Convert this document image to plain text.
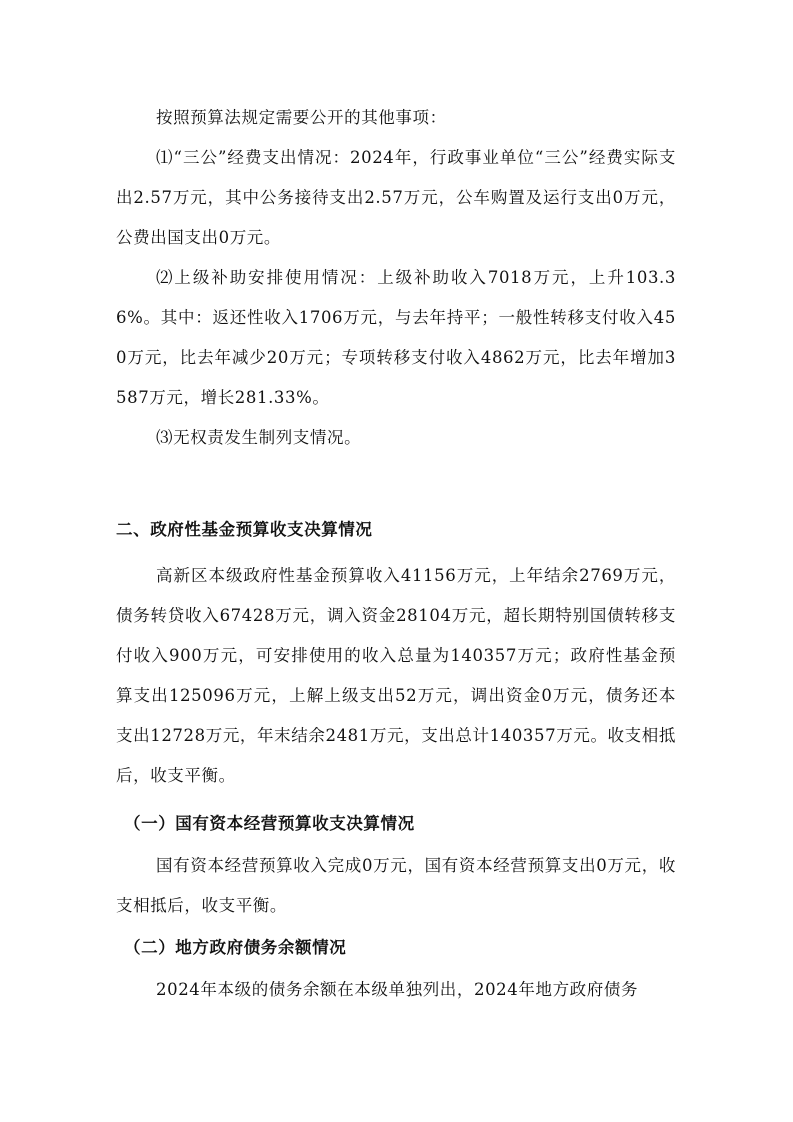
按照预算法规定需要公开的其他事项：

⑴“三公”经费支出情况：2024年，行政事业单位“三公”经费实际支出2.57万元，其中公务接待支出2.57万元，公车购置及运行支出0万元，公费出国支出0万元。

⑵上级补助安排使用情况：上级补助收入7018万元，上升103.36%。其中：返还性收入1706万元，与去年持平；一般性转移支付收入450万元，比去年减少20万元；专项转移支付收入4862万元，比去年增加3587万元，增长281.33%。

⑶无权责发生制列支情况。

二、政府性基金预算收支决算情况

高新区本级政府性基金预算收入41156万元，上年结余2769万元，债务转贷收入67428万元，调入资金28104万元，超长期特别国债转移支付收入900万元，可安排使用的收入总量为140357万元；政府性基金预算支出125096万元，上解上级支出52万元，调出资金0万元，债务还本支出12728万元，年末结余2481万元，支出总计140357万元。收支相抵后，收支平衡。

（一）国有资本经营预算收支决算情况

国有资本经营预算收入完成0万元，国有资本经营预算支出0万元，收支相抵后，收支平衡。

（二）地方政府债务余额情况

2024年本级的债务余额在本级单独列出，2024年地方政府债务
